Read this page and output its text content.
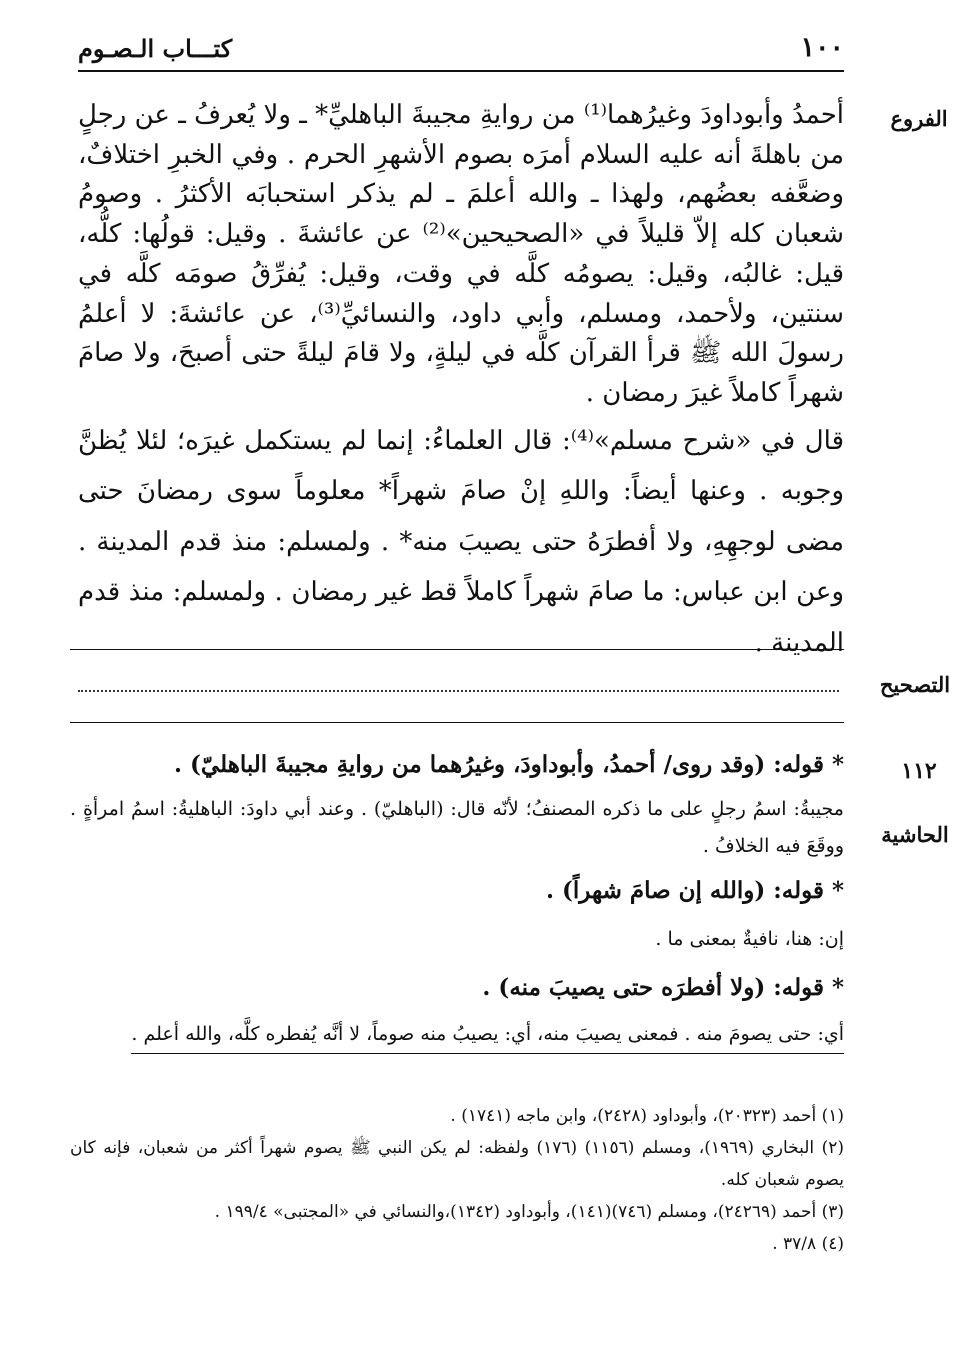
١٠٠
كتـــاب الـصـوم
الفروع

أحمدُ وأبوداودَ وغيرُهما⁽¹⁾ من روايةِ مجيبةَ الباهليِّ* ـ ولا يُعرفُ ـ عن رجلٍ من باهلةَ أنه عليه السلام أمرَه بصوم الأشهرِ الحرم . وفي الخبرِ اختلافٌ، وضعَّفه بعضُهم، ولهذا ـ والله أعلمَ ـ لم يذكر استحبابَه الأكثرُ . وصومُ شعبان كله إلاّ قليلاً في «الصحيحين»⁽²⁾ عن عائشةَ . وقيل: قولُها: كلُّه، قيل: غالبُه، وقيل: يصومُه كلَّه في وقت، وقيل: يُفرِّقُ صومَه كلَّه في سنتين، ولأحمد، ومسلم، وأبي داود، والنسائيِّ⁽³⁾، عن عائشةَ: لا أعلمُ رسولَ الله ﷺ قرأ القرآن كلَّه في ليلةٍ، ولا قامَ ليلةً حتى أصبحَ، ولا صامَ شهراً كاملاً غيرَ رمضان .

قال في «شرح مسلم»⁽⁴⁾: قال العلماءُ: إنما لم يستكمل غيرَه؛ لئلا يُظنَّ وجوبه . وعنها أيضاً: واللهِ إنْ صامَ شهراً* معلوماً سوى رمضانَ حتى مضى لوجهِهِ، ولا أفطرَهُ حتى يصيبَ منه* . ولمسلم: منذ قدم المدينة . وعن ابن عباس: ما صامَ شهراً كاملاً قط غير رمضان . ولمسلم: منذ قدم المدينة .

التصحيح
١١٢
الحاشية

* قوله: (وقد روى/ أحمدُ، وأبوداودَ، وغيرُهما من روايةِ مجيبةَ الباهليّ) .

مجيبةُ: اسمُ رجلٍ على ما ذكره المصنفُ؛ لأنّه قال: (الباهليّ) . وعند أبي داودَ: الباهليةُ: اسمُ امرأةٍ . ووقَعَ فيه الخلافُ .

* قوله: (والله إن صامَ شهراً) .

إن: هنا، نافيةٌ بمعنى ما .

* قوله: (ولا أفطرَه حتى يصيبَ منه) .

أي: حتى يصومَ منه . فمعنى يصيبَ منه، أي: يصيبُ منه صوماً، لا أنَّه يُفطره كلَّه، والله أعلم .

(١) أحمد (٢٠٣٢٣)، وأبوداود (٢٤٢٨)، وابن ماجه (١٧٤١) .

(٢) البخاري (١٩٦٩)، ومسلم (١١٥٦) (١٧٦) ولفظه: لم يكن النبي ﷺ يصوم شهراً أكثر من شعبان، فإنه كان يصوم شعبان كله.

(٣) أحمد (٢٤٢٦٩)، ومسلم (٧٤٦)(١٤١)، وأبوداود (١٣٤٢)،والنسائي في «المجتبى» ١٩٩/٤ .

(٤) ٣٧/٨ .
